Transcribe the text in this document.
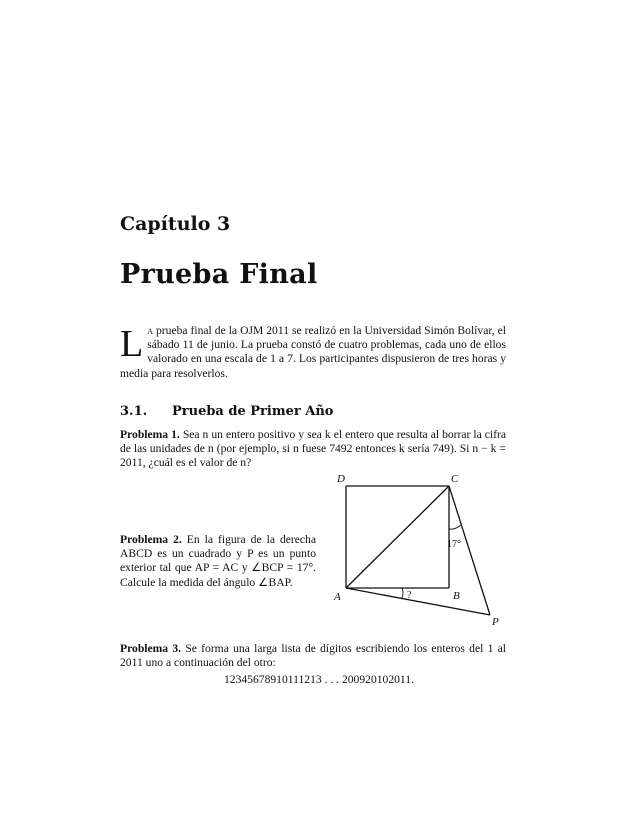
Capítulo 3
Prueba Final
La prueba final de la OJM 2011 se realizó en la Universidad Simón Bolívar, el sábado 11 de junio. La prueba constó de cuatro problemas, cada uno de ellos valorado en una escala de 1 a 7. Los participantes dispusieron de tres horas y media para resolverlos.
3.1. Prueba de Primer Año
Problema 1. Sea n un entero positivo y sea k el entero que resulta al borrar la cifra de las unidades de n (por ejemplo, si n fuese 7492 entonces k sería 749). Si n − k = 2011, ¿cuál es el valor de n?
Problema 2. En la figura de la derecha ABCD es un cuadrado y P es un punto exterior tal que AP = AC y ∠BCP = 17°. Calcule la medida del ángulo ∠BAP.
D	C
A	B
P
17°
?
Problema 3. Se forma una larga lista de dígitos escribiendo los enteros del 1 al 2011 uno a continuación del otro:
12345678910111213 . . . 200920102011.
